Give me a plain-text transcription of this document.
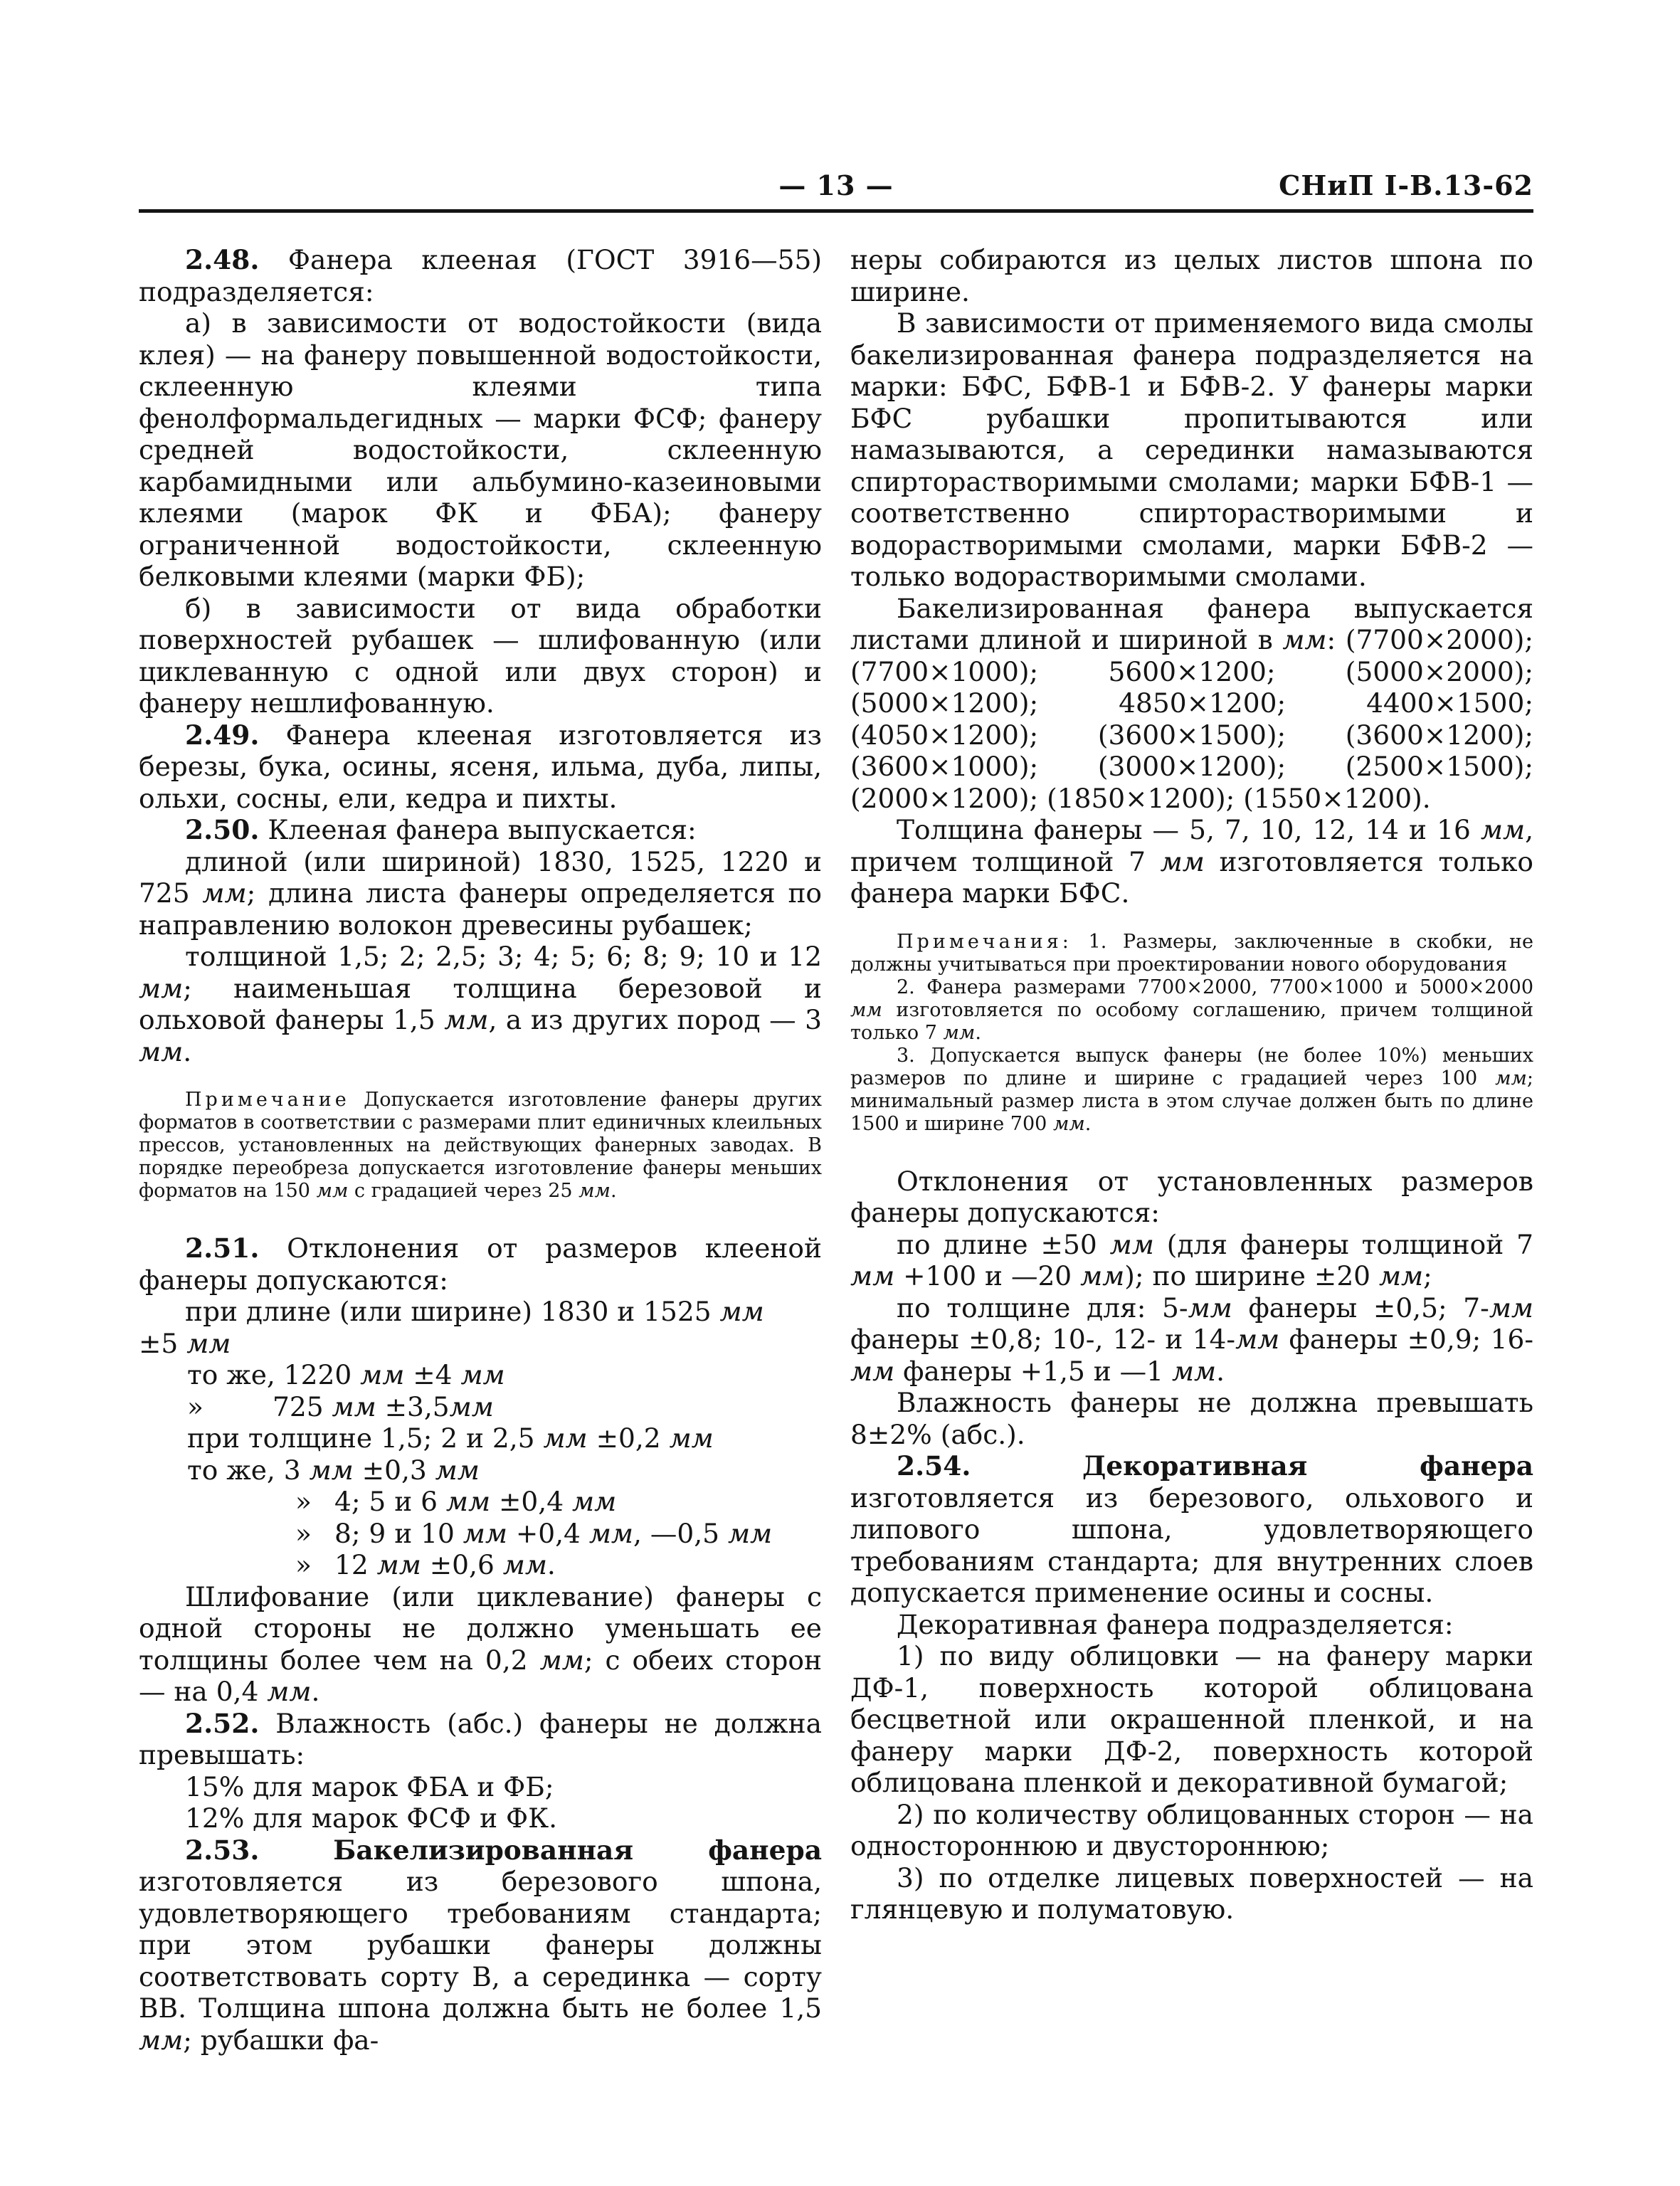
— 13 —	СНиП I-В.13-62

2.48. Фанера клееная (ГОСТ 3916—55) подразделяется:

а) в зависимости от водостойкости (вида клея) — на фанеру повышенной водостойкости, склеенную клеями типа фенолформальдегидных — марки ФСФ; фанеру средней водостойкости, склеенную карбамидными или альбумино-казеиновыми клеями (марок ФК и ФБА); фанеру ограниченной водостойкости, склеенную белковыми клеями (марки ФБ);

б) в зависимости от вида обработки поверхностей рубашек — шлифованную (или циклеванную с одной или двух сторон) и фанеру нешлифованную.

2.49. Фанера клееная изготовляется из березы, бука, осины, ясеня, ильма, дуба, липы, ольхи, сосны, ели, кедра и пихты.

2.50. Клееная фанера выпускается:

длиной (или шириной) 1830, 1525, 1220 и 725 мм; длина листа фанеры определяется по направлению волокон древесины рубашек;

толщиной 1,5; 2; 2,5; 3; 4; 5; 6; 8; 9; 10 и 12 мм; наименьшая толщина березовой и ольховой фанеры 1,5 мм, а из других пород — 3 мм.

Примечание Допускается изготовление фанеры других форматов в соответствии с размерами плит единичных клеильных прессов, установленных на действующих фанерных заводах. В порядке переобреза допускается изготовление фанеры меньших форматов на 150 мм с градацией через 25 мм.

2.51. Отклонения от размеров клееной фанеры допускаются:

при длине (или ширине) 1830 и 1525 мм

±5 мм

то же, 1220 мм ±4 мм

»	725 мм ±3,5мм

при толщине 1,5; 2 и 2,5 мм ±0,2 мм

то же, 3 мм ±0,3 мм

» 4; 5 и 6 мм ±0,4 мм

» 8; 9 и 10 мм +0,4 мм, —0,5 мм

» 12 мм ±0,6 мм.

Шлифование (или циклевание) фанеры с одной стороны не должно уменьшать ее толщины более чем на 0,2 мм; с обеих сторон — на 0,4 мм.

2.52. Влажность (абс.) фанеры не должна превышать:

15% для марок ФБА и ФБ;

12% для марок ФСФ и ФК.

2.53.	Бакелизированная фанера изготовляется из березового шпона, удовлетворяющего требованиям стандарта; при этом рубашки фанеры должны соответствовать сорту В, а серединка — сорту ВВ. Толщина шпона должна быть не более 1,5 мм; рубашки фа-

неры собираются из целых листов шпона по ширине.

В зависимости от применяемого вида смолы бакелизированная фанера подразделяется на марки: БФС, БФВ-1 и БФВ-2. У фанеры марки БФС рубашки пропитываются или намазываются, а серединки намазываются спирторастворимыми смолами; марки БФВ-1 — соответственно спирторастворимыми и водорастворимыми смолами, марки БФВ-2 — только водорастворимыми смолами.

Бакелизированная фанера выпускается листами длиной и шириной в мм: (7700×2000); (7700×1000); 5600×1200; (5000×2000); (5000×1200); 4850×1200; 4400×1500; (4050×1200); (3600×1500); (3600×1200); (3600×1000); (3000×1200); (2500×1500); (2000×1200); (1850×1200); (1550×1200).

Толщина фанеры — 5, 7, 10, 12, 14 и 16 мм, причем толщиной 7 мм изготовляется только фанера марки БФС.

Примечания: 1. Размеры, заключенные в скобки, не должны учитываться при проектировании нового оборудования

2. Фанера размерами 7700×2000, 7700×1000 и 5000×2000 мм изготовляется по особому соглашению, причем толщиной только 7 мм.

3. Допускается выпуск фанеры (не более 10%) меньших размеров по длине и ширине с градацией через 100 мм; минимальный размер листа в этом случае должен быть по длине 1500 и ширине 700 мм.

Отклонения от установленных размеров фанеры допускаются:

по длине ±50 мм (для фанеры толщиной 7 мм +100 и —20 мм); по ширине ±20 мм;

по толщине для: 5-мм фанеры ±0,5; 7-мм фанеры ±0,8; 10-, 12- и 14-мм фанеры ±0,9; 16-мм фанеры +1,5 и —1 мм.

Влажность фанеры не должна превышать 8±2% (абс.).

2.54.	Декоративная фанера изготовляется из березового, ольхового и липового шпона, удовлетворяющего требованиям стандарта; для внутренних слоев допускается применение осины и сосны.

Декоративная фанера подразделяется:

1) по виду облицовки — на фанеру марки ДФ-1, поверхность которой облицована бесцветной или окрашенной пленкой, и на фанеру марки ДФ-2, поверхность которой облицована пленкой и декоративной бумагой;

2) по количеству облицованных сторон — на одностороннюю и двустороннюю;

3) по отделке лицевых поверхностей — на глянцевую и полуматовую.
